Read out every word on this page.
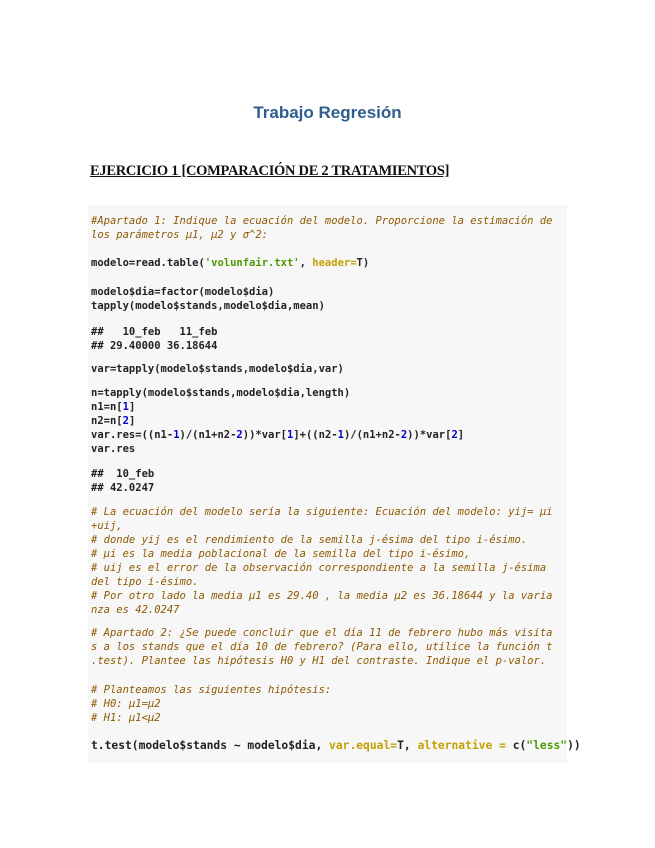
Trabajo Regresión
EJERCICIO 1 [COMPARACIÓN DE 2 TRATAMIENTOS]
#Apartado 1: Indique la ecuación del modelo. Proporcione la estimación de
los parámetros μ1, μ2 y σ^2:
modelo=read.table('volunfair.txt', header=T)
modelo$dia=factor(modelo$dia)
tapply(modelo$stands,modelo$dia,mean)
##   10_feb   11_feb
## 29.40000 36.18644
var=tapply(modelo$stands,modelo$dia,var)
n=tapply(modelo$stands,modelo$dia,length)
n1=n[1]
n2=n[2]
var.res=((n1-1)/(n1+n2-2))*var[1]+((n2-1)/(n1+n2-2))*var[2]
var.res
##  10_feb
## 42.0247
# La ecuación del modelo sería la siguiente: Ecuación del modelo: yij= μi
+uij,
# donde yij es el rendimiento de la semilla j-ésima del tipo i-ésimo.
# μi es la media poblacional de la semilla del tipo i-ésimo,
# uij es el error de la observación correspondiente a la semilla j-ésima
del tipo i-ésimo.
# Por otro lado la media μ1 es 29.40 , la media μ2 es 36.18644 y la varia
nza es 42.0247
# Apartado 2: ¿Se puede concluir que el día 11 de febrero hubo más visita
s a los stands que el día 10 de febrero? (Para ello, utilice la función t
.test). Plantee las hipótesis H0 y H1 del contraste. Indique el p-valor.
# Planteamos las siguientes hipótesis:
# H0: μ1=μ2
# H1: μ1<μ2
t.test(modelo$stands ~ modelo$dia, var.equal=T, alternative = c("less"))
